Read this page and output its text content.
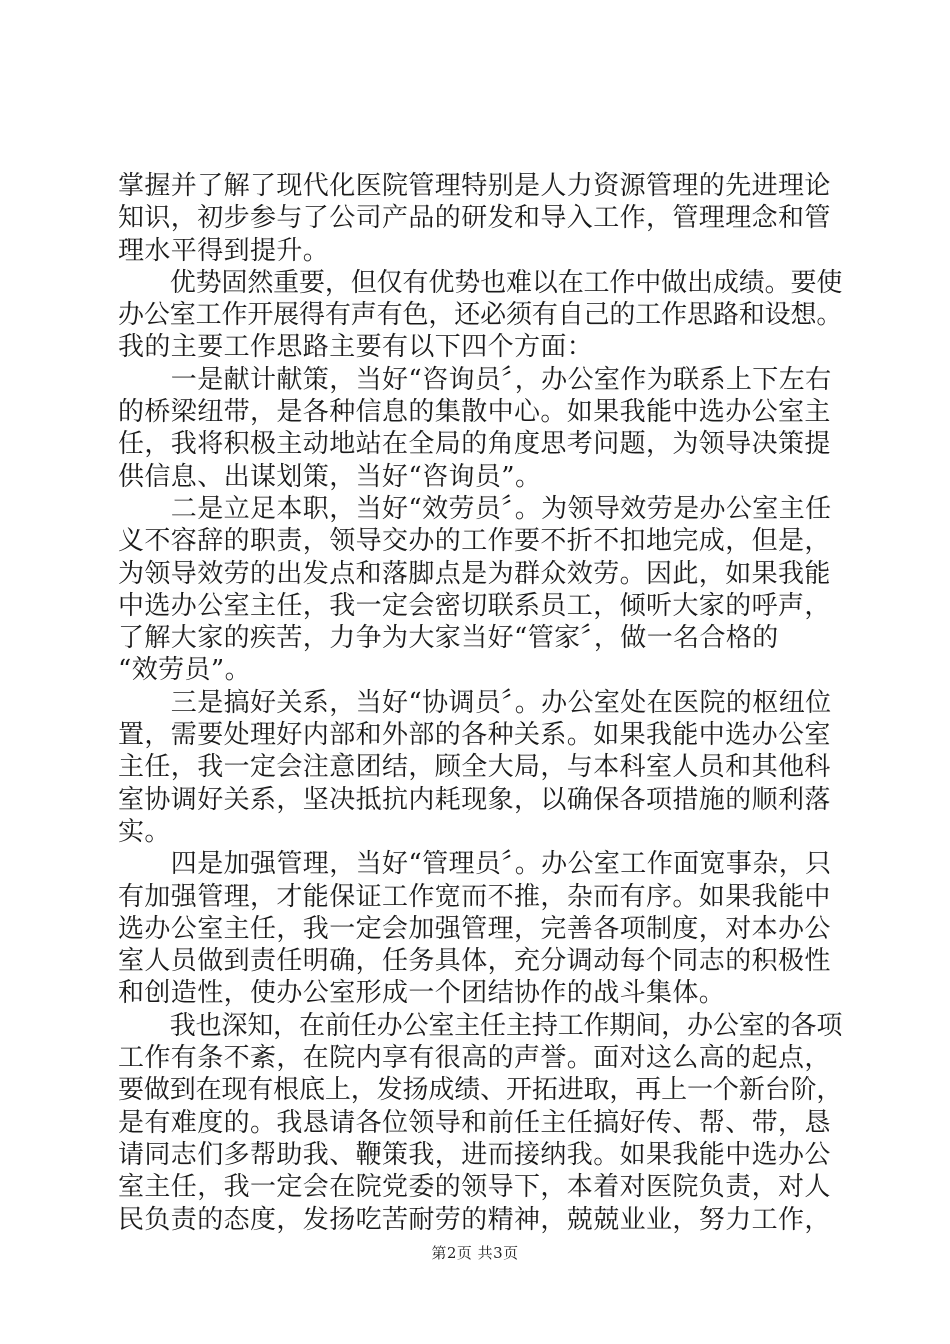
掌握并了解了现代化医院管理特别是人力资源管理的先进理论
知识，初步参与了公司产品的研发和导入工作，管理理念和管
理水平得到提升。
　　优势固然重要，但仅有优势也难以在工作中做出成绩。要使
办公室工作开展得有声有色，还必须有自己的工作思路和设想。
我的主要工作思路主要有以下四个方面：
　　一是献计献策，当好“咨询员〞，办公室作为联系上下左右
的桥梁纽带，是各种信息的集散中心。如果我能中选办公室主
任，我将积极主动地站在全局的角度思考问题，为领导决策提
供信息、出谋划策，当好“咨询员”。
　　二是立足本职，当好“效劳员〞。为领导效劳是办公室主任
义不容辞的职责，领导交办的工作要不折不扣地完成，但是，
为领导效劳的出发点和落脚点是为群众效劳。因此，如果我能
中选办公室主任，我一定会密切联系员工，倾听大家的呼声，
了解大家的疾苦，力争为大家当好“管家〞，做一名合格的
“效劳员”。
　　三是搞好关系，当好“协调员〞。办公室处在医院的枢纽位
置，需要处理好内部和外部的各种关系。如果我能中选办公室
主任，我一定会注意团结，顾全大局，与本科室人员和其他科
室协调好关系，坚决抵抗内耗现象，以确保各项措施的顺利落
实。
　　四是加强管理，当好“管理员〞。办公室工作面宽事杂，只
有加强管理，才能保证工作宽而不推，杂而有序。如果我能中
选办公室主任，我一定会加强管理，完善各项制度，对本办公
室人员做到责任明确，任务具体，充分调动每个同志的积极性
和创造性，使办公室形成一个团结协作的战斗集体。
　　我也深知，在前任办公室主任主持工作期间，办公室的各项
工作有条不紊，在院内享有很高的声誉。面对这么高的起点，
要做到在现有根底上，发扬成绩、开拓进取，再上一个新台阶，
是有难度的。我恳请各位领导和前任主任搞好传、帮、带，恳
请同志们多帮助我、鞭策我，进而接纳我。如果我能中选办公
室主任，我一定会在院党委的领导下，本着对医院负责，对人
民负责的态度，发扬吃苦耐劳的精神，兢兢业业，努力工作，
第2页 共3页
